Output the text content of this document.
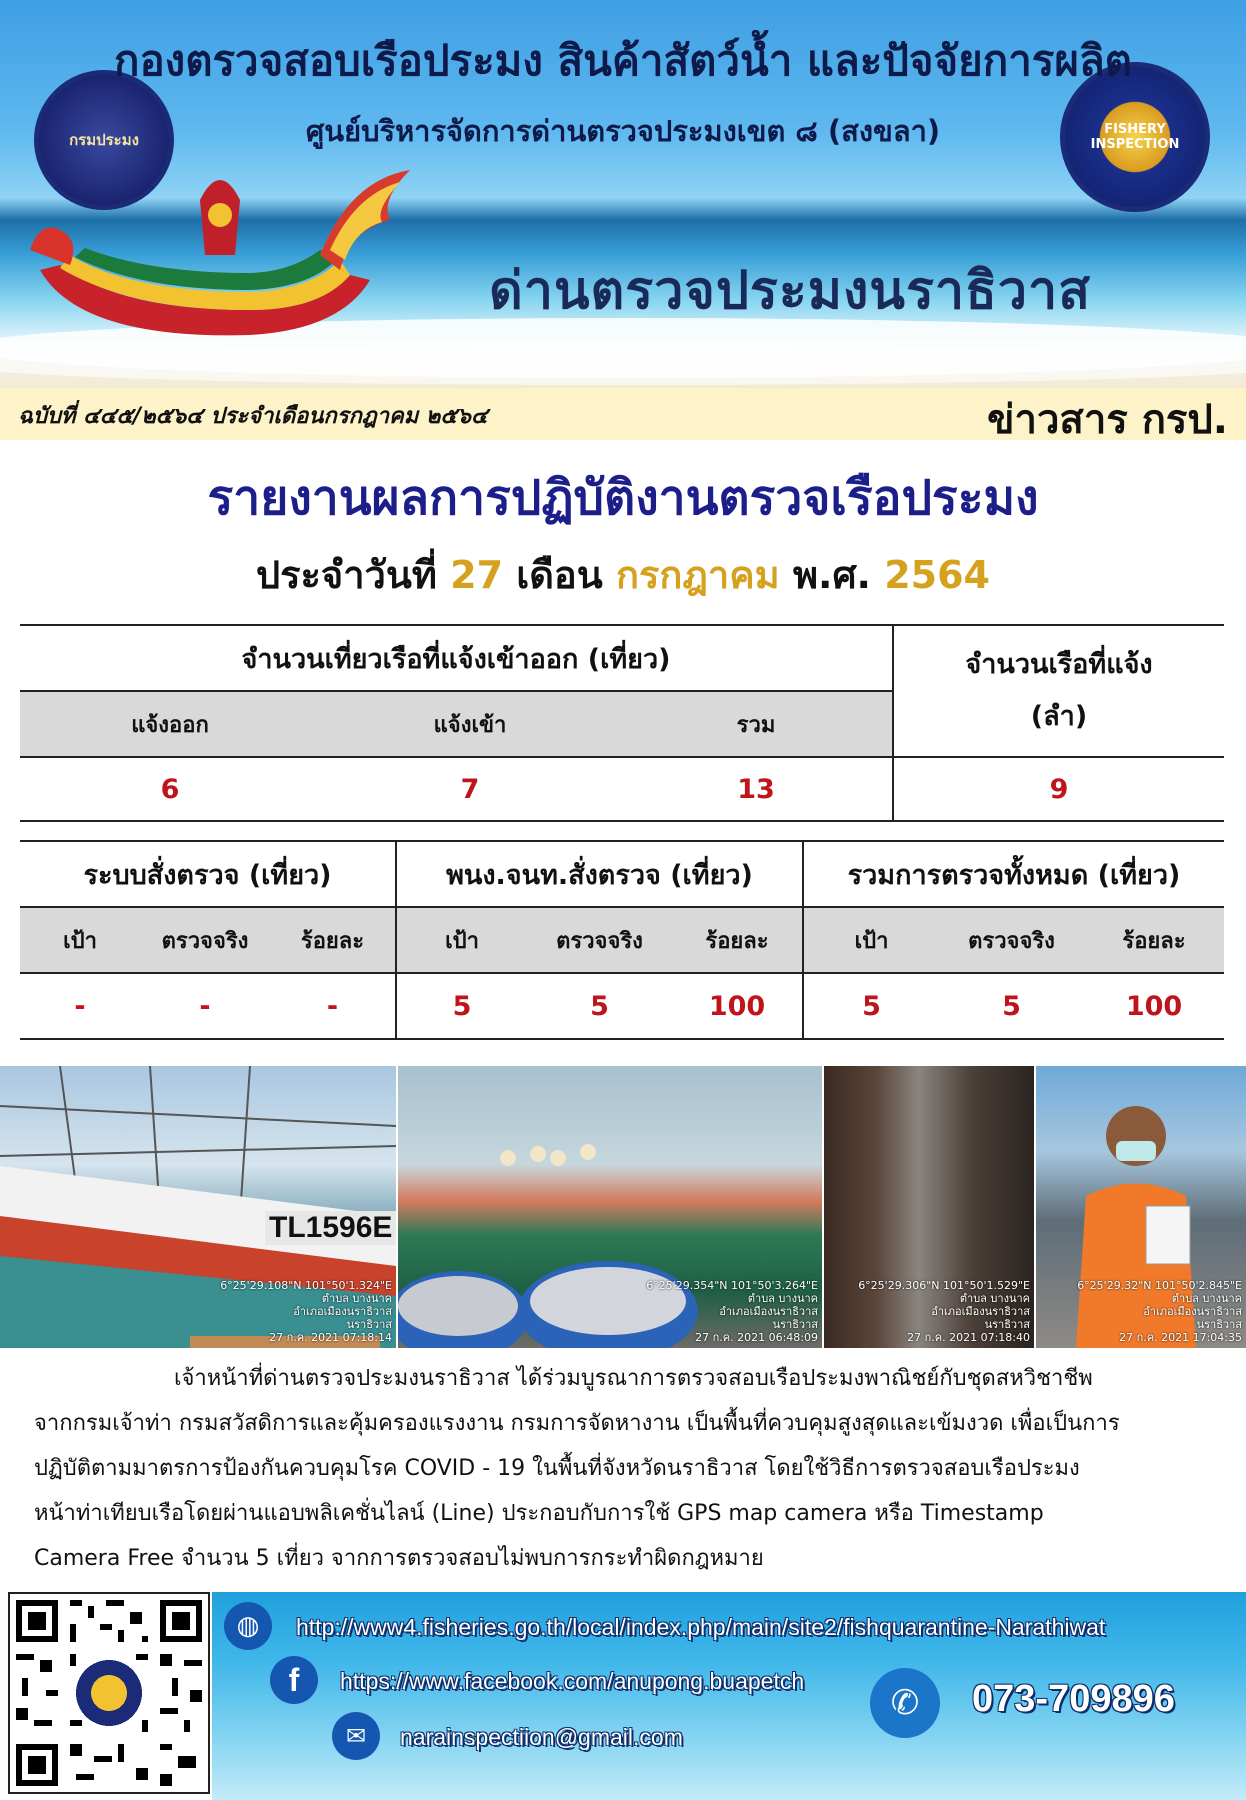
กรมประมง
FISHERY INSPECTION
กองตรวจสอบเรือประมง สินค้าสัตว์น้ำ และปัจจัยการผลิต
ศูนย์บริหารจัดการด่านตรวจประมงเขต ๘ (สงขลา)
ด่านตรวจประมงนราธิวาส
ฉบับที่ ๔๔๕/๒๕๖๔ ประจำเดือนกรกฎาคม ๒๕๖๔	ข่าวสาร กรป.
รายงานผลการปฏิบัติงานตรวจเรือประมง
ประจำวันที่ 27 เดือน กรกฎาคม พ.ศ. 2564
จำนวนเที่ยวเรือที่แจ้งเข้าออก (เที่ยว)			จำนวนเรือที่แจ้ง
(ลำ)

แจ้งออก	แจ้งเข้า	รวม	
6	7	13	9
ระบบสั่งตรวจ (เที่ยว)			พนง.จนท.สั่งตรวจ (เที่ยว)			รวมการตรวจทั้งหมด (เที่ยว)		
เป้า	ตรวจจริง	ร้อยละ	เป้า	ตรวจจริง	ร้อยละ	เป้า	ตรวจจริง	ร้อยละ
-	-	-	5	5	100	5	5	100
TL1596E
6°25'29.108"N 101°50'1.324"E
ตำบล บางนาค
อำเภอเมืองนราธิวาส
นราธิวาส
27 ก.ค. 2021 07:18:14
6°25'29.354"N 101°50'3.264"E
ตำบล บางนาค
อำเภอเมืองนราธิวาส
นราธิวาส
27 ก.ค. 2021 06:48:09
6°25'29.306"N 101°50'1.529"E
ตำบล บางนาค
อำเภอเมืองนราธิวาส
นราธิวาส
27 ก.ค. 2021 07:18:40
6°25'29.32"N 101°50'2.845"E
ตำบล บางนาค
อำเภอเมืองนราธิวาส
นราธิวาส
27 ก.ค. 2021 17:04:35
เจ้าหน้าที่ด่านตรวจประมงนราธิวาส ได้ร่วมบูรณาการตรวจสอบเรือประมงพาณิชย์กับชุดสหวิชาชีพ
จากกรมเจ้าท่า กรมสวัสดิการและคุ้มครองแรงงาน กรมการจัดหางาน เป็นพื้นที่ควบคุมสูงสุดและเข้มงวด เพื่อเป็นการ
ปฏิบัติตามมาตรการป้องกันควบคุมโรค COVID - 19 ในพื้นที่จังหวัดนราธิวาส โดยใช้วิธีการตรวจสอบเรือประมง
หน้าท่าเทียบเรือโดยผ่านแอบพลิเคชั่นไลน์ (Line) ประกอบกับการใช้ GPS map camera หรือ Timestamp
Camera Free จำนวน 5 เที่ยว จากการตรวจสอบไม่พบการกระทำผิดกฎหมาย
◍	http://www4.fisheries.go.th/local/index.php/main/site2/fishquarantine-Narathiwat
f	https://www.facebook.com/anupong.buapetch
✉	narainspectiion@gmail.com
✆	073-709896
